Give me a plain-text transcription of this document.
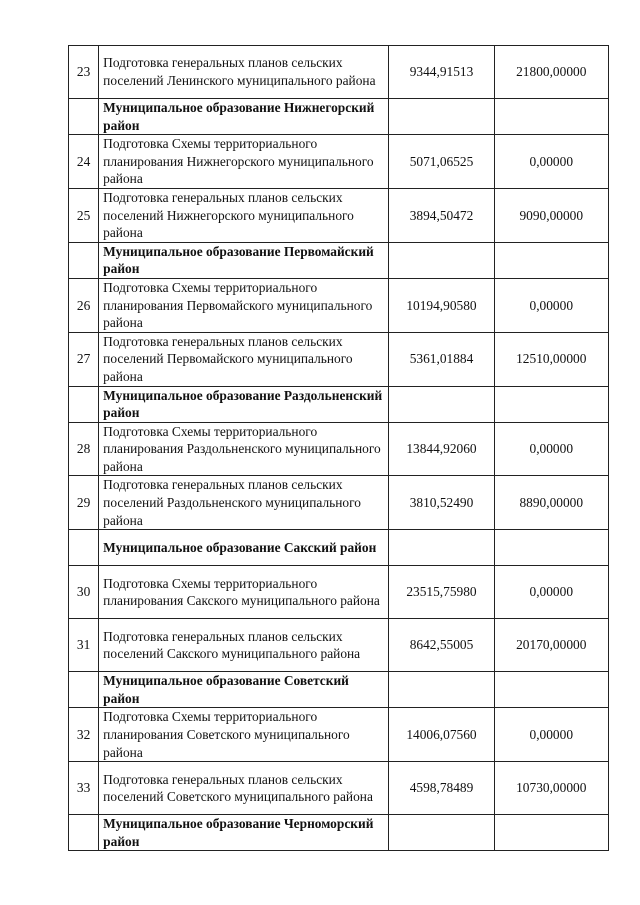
23	Подготовка генеральных планов сельских поселений Ленинского муниципального района	9344,91513	21800,00000
	Муниципальное образование Нижнегорский район		
24	Подготовка Схемы территориального планирования Нижнегорского муниципального района	5071,06525	0,00000
25	Подготовка генеральных планов сельских поселений Нижнегорского муниципального района	3894,50472	9090,00000
	Муниципальное образование Первомайский район		
26	Подготовка Схемы территориального планирования Первомайского муниципального района	10194,90580	0,00000
27	Подготовка генеральных планов сельских поселений Первомайского муниципального района	5361,01884	12510,00000
	Муниципальное образование Раздольненский район		
28	Подготовка Схемы территориального планирования Раздольненского муниципального района	13844,92060	0,00000
29	Подготовка генеральных планов сельских поселений Раздольненского муниципального района	3810,52490	8890,00000
	Муниципальное образование Сакский район		
30	Подготовка Схемы территориального планирования Сакского муниципального района	23515,75980	0,00000
31	Подготовка генеральных планов сельских поселений Сакского муниципального района	8642,55005	20170,00000
	Муниципальное образование Советский район		
32	Подготовка Схемы территориального планирования Советского муниципального района	14006,07560	0,00000
33	Подготовка генеральных планов сельских поселений Советского муниципального района	4598,78489	10730,00000
	Муниципальное образование Черноморский район		
